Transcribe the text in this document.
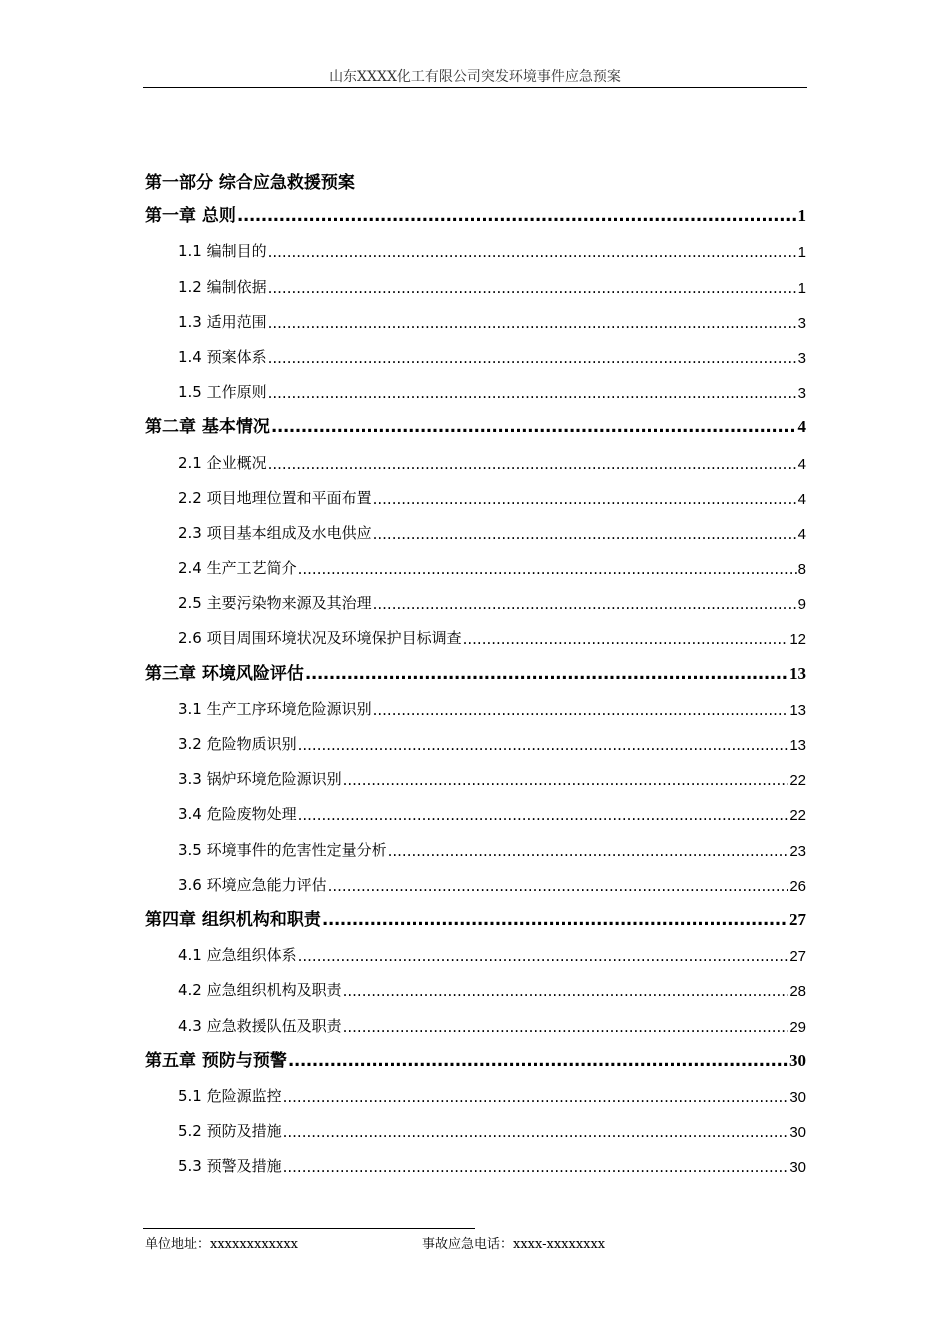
山东XXXX化工有限公司突发环境事件应急预案
第一部分 综合应急救援预案
第一章 总则 .....	1
1.1 编制目的 .....	1
1.2 编制依据 .....	1
1.3 适用范围 .....	3
1.4 预案体系 .....	3
1.5 工作原则 .....	3
第二章 基本情况 .....	4
2.1 企业概况 .....	4
2.2 项目地理位置和平面布置 .....	4
2.3 项目基本组成及水电供应 .....	4
2.4 生产工艺简介 .....	8
2.5 主要污染物来源及其治理 .....	9
2.6 项目周围环境状况及环境保护目标调查 .....	12
第三章 环境风险评估 .....	13
3.1 生产工序环境危险源识别 .....	13
3.2 危险物质识别 .....	13
3.3 锅炉环境危险源识别 .....	22
3.4 危险废物处理 .....	22
3.5 环境事件的危害性定量分析 .....	23
3.6 环境应急能力评估 .....	26
第四章 组织机构和职责 .....	27
4.1 应急组织体系 .....	27
4.2 应急组织机构及职责 .....	28
4.3 应急救援队伍及职责 .....	29
第五章 预防与预警 .....	30
5.1 危险源监控 .....	30
5.2 预防及措施 .....	30
5.3 预警及措施 .....	30
单位地址：xxxxxxxxxxxx	事故应急电话：xxxx-xxxxxxxx
